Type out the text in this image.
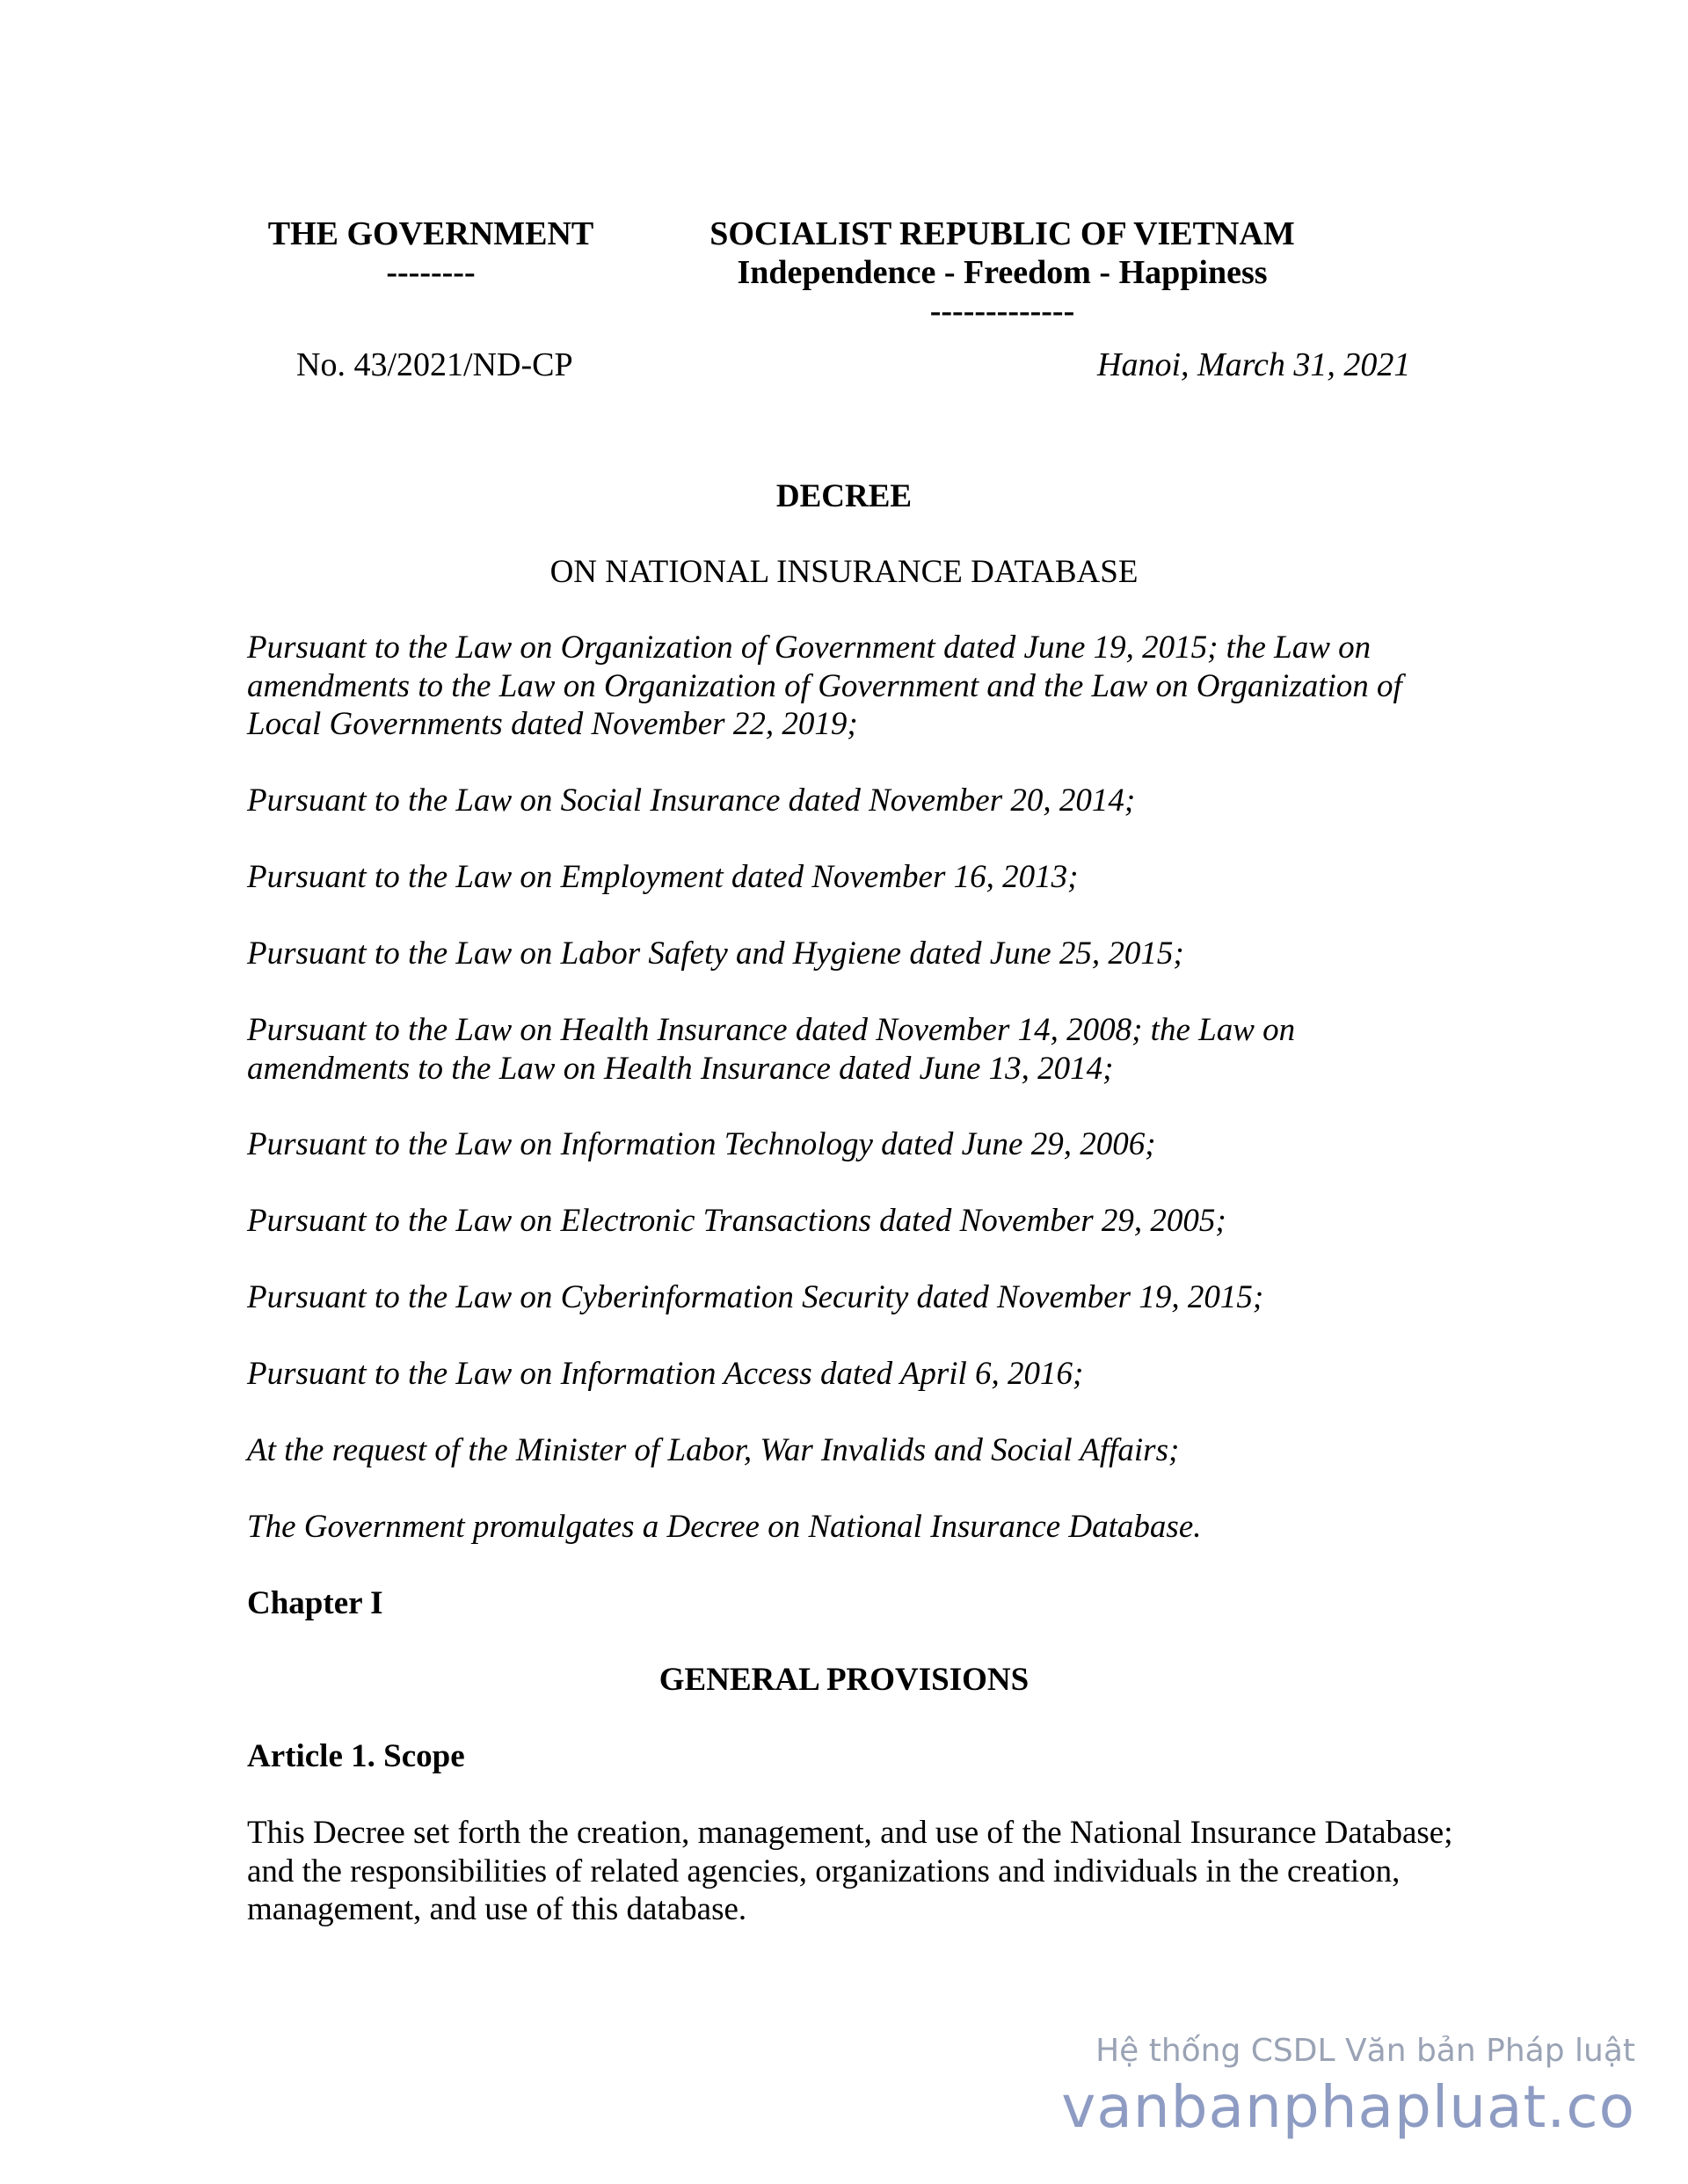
THE GOVERNMENT
--------
SOCIALIST REPUBLIC OF VIETNAM
Independence - Freedom - Happiness
-------------
No. 43/2021/ND-CP	Hanoi, March 31, 2021
DECREE
ON NATIONAL INSURANCE DATABASE
Pursuant to the Law on Organization of Government dated June 19, 2015; the Law on amendments to the Law on Organization of Government and the Law on Organization of Local Governments dated November 22, 2019;
Pursuant to the Law on Social Insurance dated November 20, 2014;
Pursuant to the Law on Employment dated November 16, 2013;
Pursuant to the Law on Labor Safety and Hygiene dated June 25, 2015;
Pursuant to the Law on Health Insurance dated November 14, 2008; the Law on amendments to the Law on Health Insurance dated June 13, 2014;
Pursuant to the Law on Information Technology dated June 29, 2006;
Pursuant to the Law on Electronic Transactions dated November 29, 2005;
Pursuant to the Law on Cyberinformation Security dated November 19, 2015;
Pursuant to the Law on Information Access dated April 6, 2016;
At the request of the Minister of Labor, War Invalids and Social Affairs;
The Government promulgates a Decree on National Insurance Database.
Chapter I
GENERAL PROVISIONS
Article 1. Scope
This Decree set forth the creation, management, and use of the National Insurance Database; and the responsibilities of related agencies, organizations and individuals in the creation, management, and use of this database.
Hệ thống CSDL Văn bản Pháp luật
vanbanphapluat.co
